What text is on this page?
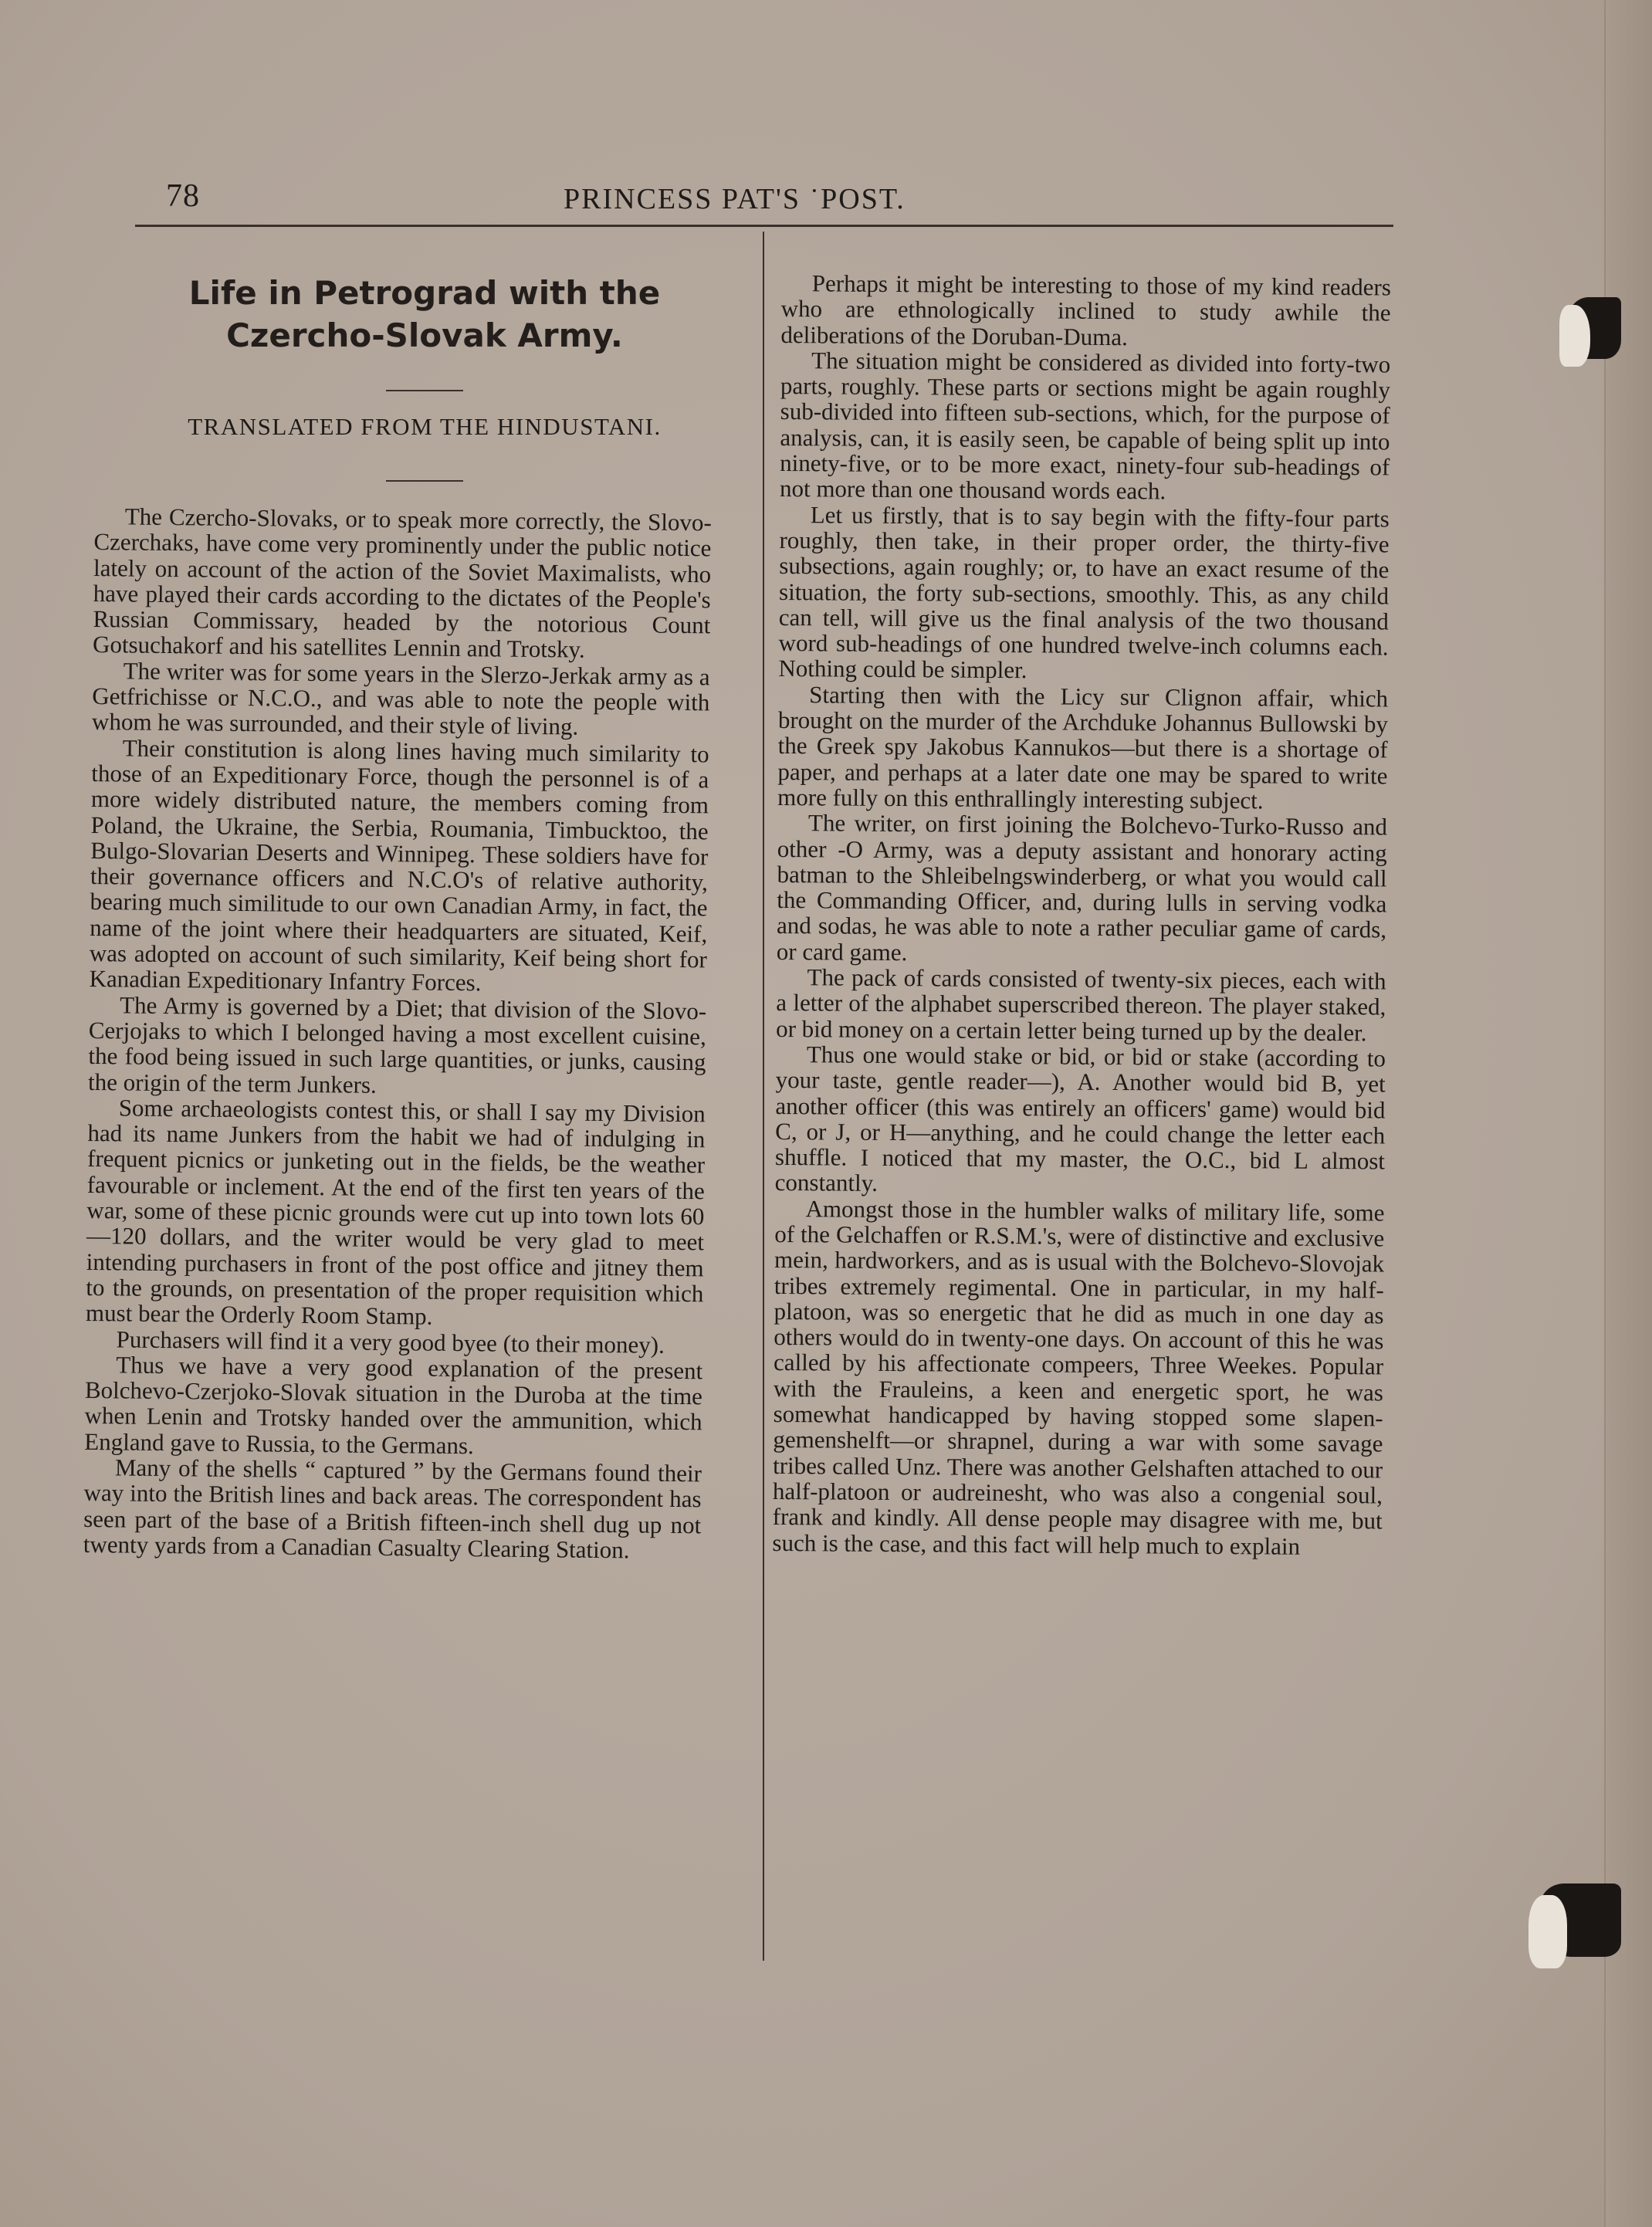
78	PRINCESS PAT'S ˙POST.
Life in Petrograd with the
Czercho-Slovak Army.
TRANSLATED FROM THE HINDUSTANI.

The Czercho-Slovaks, or to speak more correctly, the Slovo-Czerchaks, have come very prominently under the public notice lately on account of the action of the Soviet Maximalists, who have played their cards according to the dictates of the People's Russian Commissary, headed by the notorious Count Gotsuchakorf and his satellites Lennin and Trotsky.

The writer was for some years in the Slerzo-Jerkak army as a Getfrichisse or N.C.O., and was able to note the people with whom he was surrounded, and their style of living.

Their constitution is along lines having much similarity to those of an Expeditionary Force, though the personnel is of a more widely distributed nature, the members coming from Poland, the Ukraine, the Serbia, Roumania, Timbucktoo, the Bulgo-Slovarian Deserts and Winnipeg. These soldiers have for their governance officers and N.C.O's of relative authority, bearing much similitude to our own Canadian Army, in fact, the name of the joint where their headquarters are situated, Keif, was adopted on account of such similarity, Keif being short for Kanadian Expeditionary Infantry Forces.

The Army is governed by a Diet; that division of the Slovo-Cerjojaks to which I belonged having a most excellent cuisine, the food being issued in such large quantities, or junks, causing the origin of the term Junkers.

Some archaeologists contest this, or shall I say my Division had its name Junkers from the habit we had of indulging in frequent picnics or junketing out in the fields, be the weather favourable or inclement. At the end of the first ten years of the war, some of these picnic grounds were cut up into town lots 60—120 dollars, and the writer would be very glad to meet intending purchasers in front of the post office and jitney them to the grounds, on presentation of the proper requisition which must bear the Orderly Room Stamp.

Purchasers will find it a very good byee (to their money).

Thus we have a very good explanation of the present Bolchevo-Czerjoko-Slovak situation in the Duroba at the time when Lenin and Trotsky handed over the ammunition, which England gave to Russia, to the Germans.

Many of the shells “ captured ” by the Germans found their way into the British lines and back areas. The correspondent has seen part of the base of a British fifteen-inch shell dug up not twenty yards from a Canadian Casualty Clearing Station.

Perhaps it might be interesting to those of my kind readers who are ethnologically inclined to study awhile the deliberations of the Doruban-Duma.

The situation might be considered as divided into forty-two parts, roughly. These parts or sections might be again roughly sub-divided into fifteen sub-sections, which, for the purpose of analysis, can, it is easily seen, be capable of being split up into ninety-five, or to be more exact, ninety-four sub-headings of not more than one thousand words each.

Let us firstly, that is to say begin with the fifty-four parts roughly, then take, in their proper order, the thirty-five subsections, again roughly; or, to have an exact resume of the situation, the forty sub-sections, smoothly. This, as any child can tell, will give us the final analysis of the two thousand word sub-headings of one hundred twelve-inch columns each. Nothing could be simpler.

Starting then with the Licy sur Clignon affair, which brought on the murder of the Archduke Johannus Bullowski by the Greek spy Jakobus Kannukos—but there is a shortage of paper, and perhaps at a later date one may be spared to write more fully on this enthrallingly interesting subject.

The writer, on first joining the Bolchevo-Turko-Russo and other -O Army, was a deputy assistant and honorary acting batman to the Shleibelngswinderberg, or what you would call the Commanding Officer, and, during lulls in serving vodka and sodas, he was able to note a rather peculiar game of cards, or card game.

The pack of cards consisted of twenty-six pieces, each with a letter of the alphabet superscribed thereon. The player staked, or bid money on a certain letter being turned up by the dealer.

Thus one would stake or bid, or bid or stake (according to your taste, gentle reader—), A. Another would bid B, yet another officer (this was entirely an officers' game) would bid C, or J, or H—anything, and he could change the letter each shuffle. I noticed that my master, the O.C., bid L almost constantly.

Amongst those in the humbler walks of military life, some of the Gelchaffen or R.S.M.'s, were of distinctive and exclusive mein, hardworkers, and as is usual with the Bolchevo-Slovojak tribes extremely regimental. One in particular, in my half-platoon, was so energetic that he did as much in one day as others would do in twenty-one days. On account of this he was called by his affectionate compeers, Three Weekes. Popular with the Frauleins, a keen and energetic sport, he was somewhat handicapped by having stopped some slapen-gemenshelft—or shrapnel, during a war with some savage tribes called Unz. There was another Gelshaften attached to our half-platoon or audreinesht, who was also a congenial soul, frank and kindly. All dense people may disagree with me, but such is the case, and this fact will help much to explain
